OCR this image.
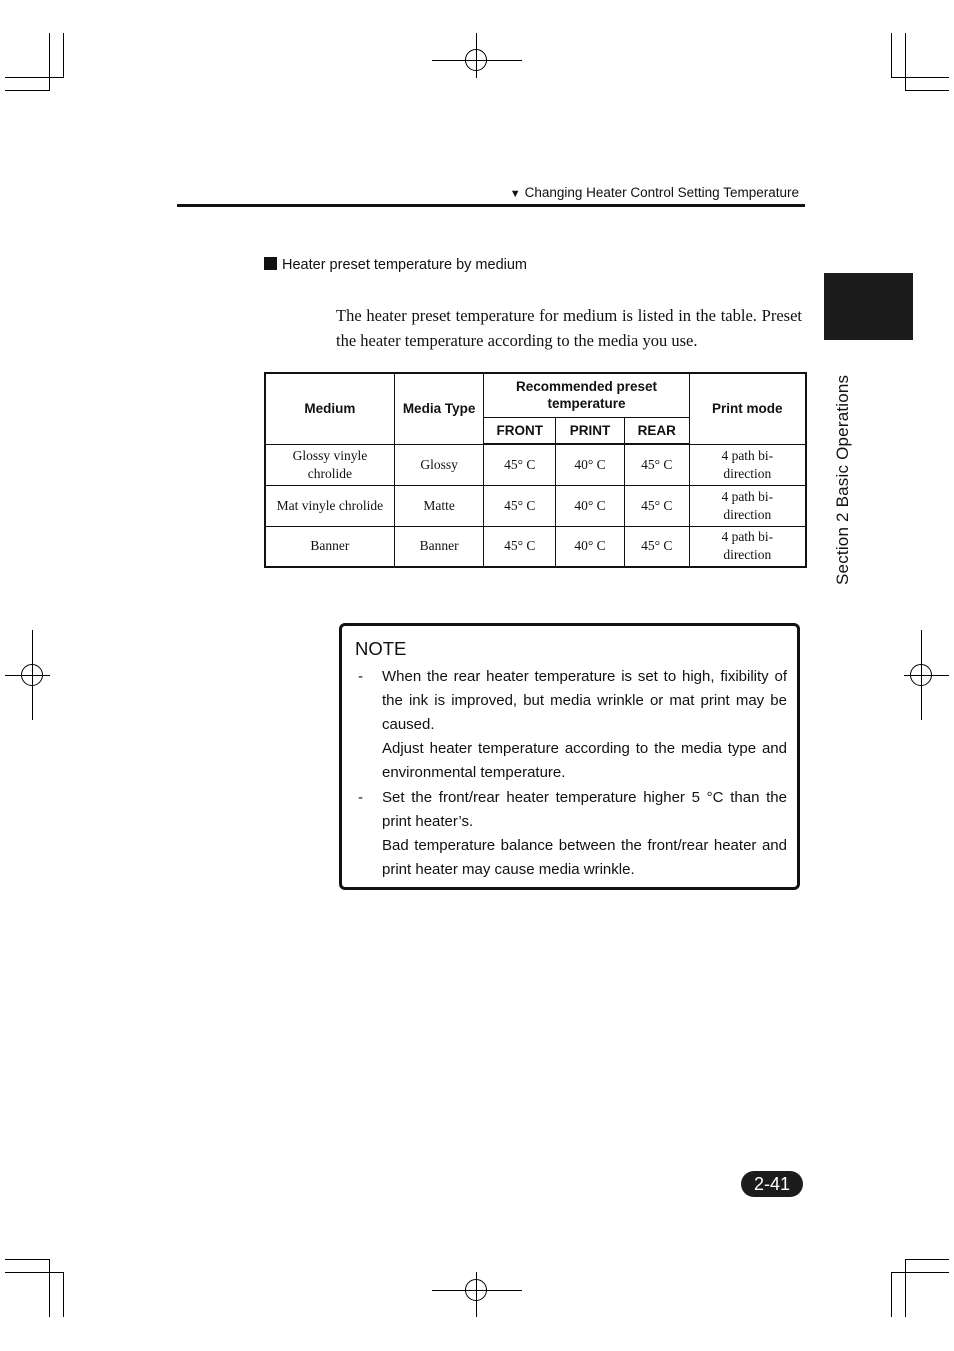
▼ Changing Heater Control Setting Temperature
Section 2 Basic Operations
Heater preset temperature by medium
The heater preset temperature for medium is listed in the table. Preset the heater temperature according to the media you use.
Medium	Media Type	Recommended preset temperature			Print mode
		FRONT	PRINT	REAR	
Glossy vinyle chrolide	Glossy	45° C	40° C	45° C	4 path bi-direction
Mat vinyle chrolide	Matte	45° C	40° C	45° C	4 path bi-direction
Banner	Banner	45° C	40° C	45° C	4 path bi-direction
NOTE
- When the rear heater temperature is set to high, fixibility of the ink is improved, but media wrinkle or mat print may be caused.

Adjust heater temperature according to the media type and environmental temperature.

- Set the front/rear heater temperature higher 5 °C than the print heater’s.

Bad temperature balance between the front/rear heater and print heater may cause media wrinkle.

2-41
